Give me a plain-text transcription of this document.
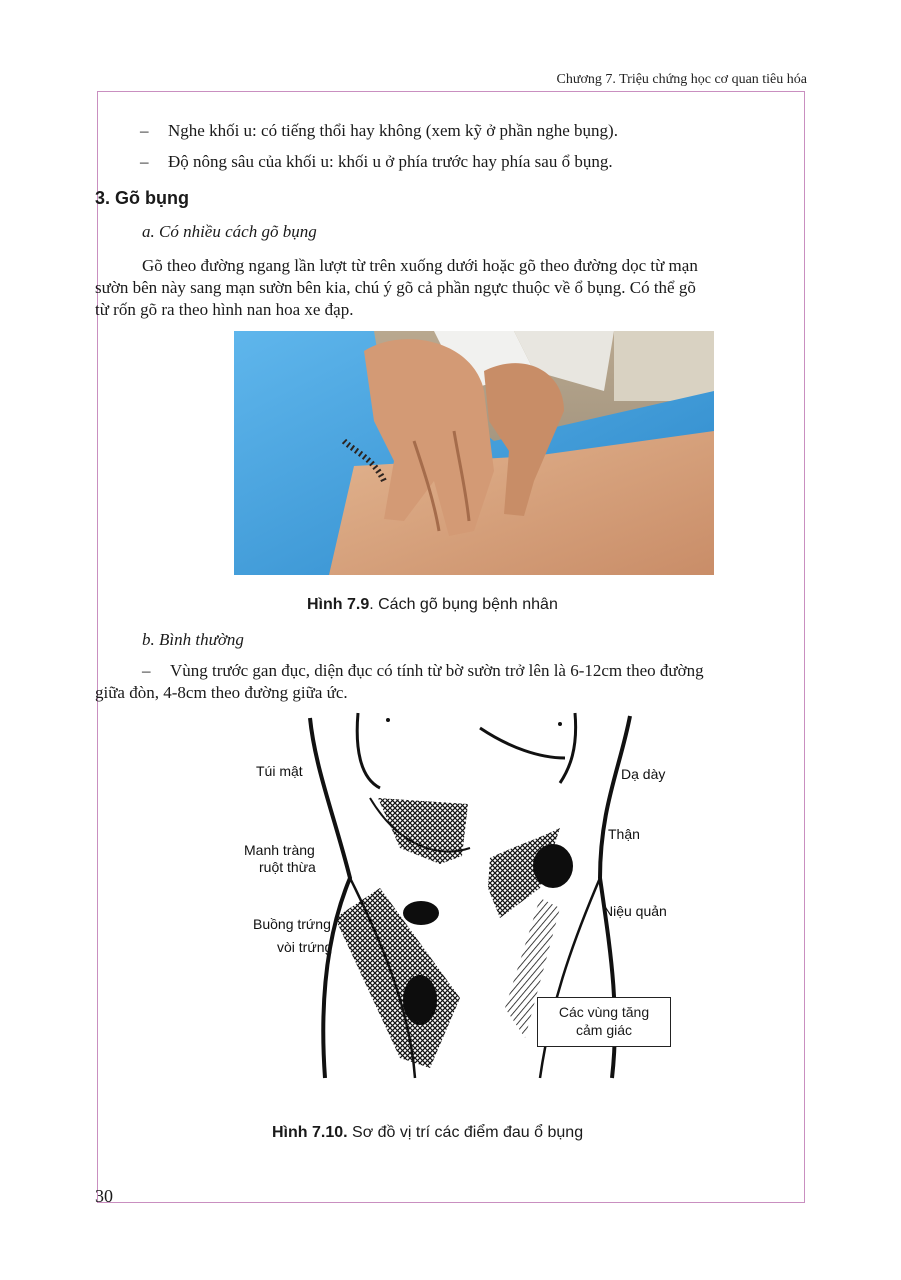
Chương 7. Triệu chứng học cơ quan tiêu hóa
– Nghe khối u: có tiếng thổi hay không (xem kỹ ở phần nghe bụng).
– Độ nông sâu của khối u: khối u ở phía trước hay phía sau ổ bụng.
3. Gõ bụng
a. Có nhiều cách gõ bụng
Gõ theo đường ngang lần lượt từ trên xuống dưới hoặc gõ theo đường dọc từ mạn
sườn bên này sang mạn sườn bên kia, chú ý gõ cả phần ngực thuộc về ổ bụng. Có thể gõ
từ rốn gõ ra theo hình nan hoa xe đạp.
Hình 7.9. Cách gõ bụng bệnh nhân
b. Bình thường
– Vùng trước gan đục, diện đục có tính từ bờ sườn trở lên là 6-12cm theo đường
giữa đòn, 4-8cm theo đường giữa ức.
Túi mật	Dạ dày
Thận
Manh tràng
ruột thừa
Niệu quản
Buồng trứng
vòi trứng
Các vùng tăng
cảm giác
Hình 7.10. Sơ đồ vị trí các điểm đau ổ bụng
30
